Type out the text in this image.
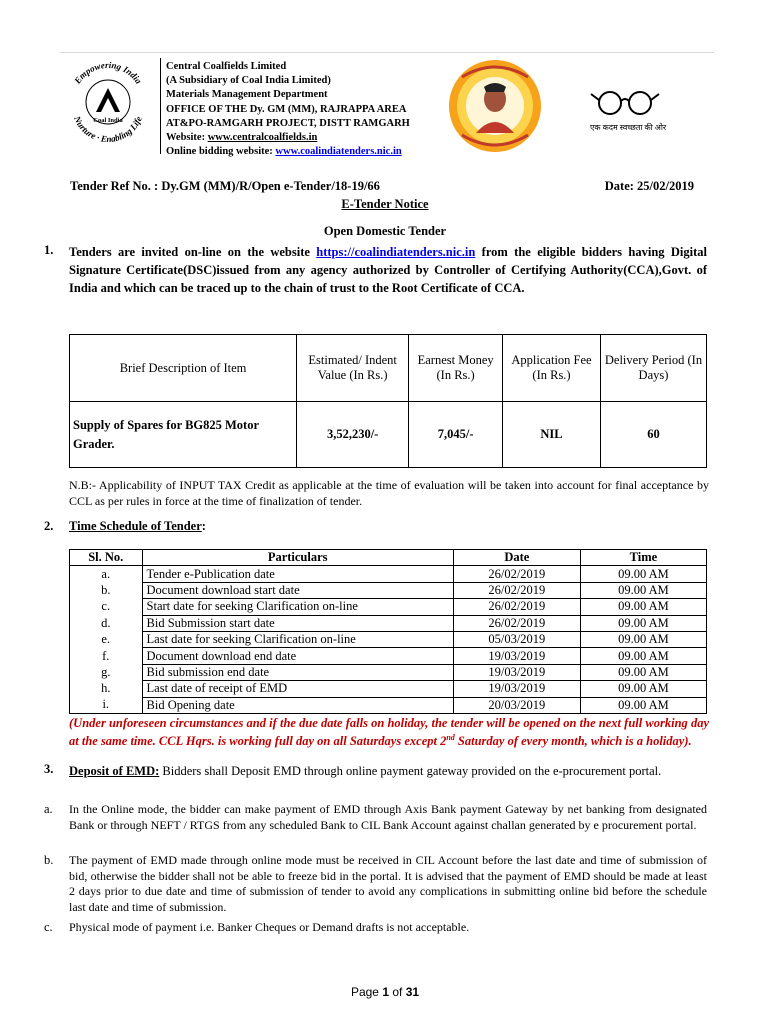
Empowering India
Nurture · Enabling Life
Coal India
Central Coalfields Limited
(A Subsidiary of Coal India Limited)
Materials Management Department
OFFICE OF THE Dy. GM (MM), RAJRAPPA AREA
AT&PO-RAMGARH PROJECT, DISTT RAMGARH
Website: www.centralcoalfields.in
Online bidding website: www.coalindiatenders.nic.in
एक कदम स्वच्छता की ओर
Tender Ref No. : Dy.GM (MM)/R/Open e-Tender/18-19/66	Date: 25/02/2019
E-Tender Notice
Open Domestic Tender
1. Tenders are invited on-line on the website https://coalindiatenders.nic.in from the eligible bidders having Digital Signature Certificate(DSC)issued from any agency authorized by Controller of Certifying Authority(CCA),Govt. of India and which can be traced up to the chain of trust to the Root Certificate of CCA.
Brief Description of Item	Estimated/ Indent Value (In Rs.)	Earnest Money (In Rs.)	Application Fee (In Rs.)	Delivery Period (In Days)
Supply of Spares for BG825 Motor Grader.	3,52,230/-	7,045/-	NIL	60
N.B:- Applicability of INPUT TAX Credit as applicable at the time of evaluation will be taken into account for final acceptance by CCL as per rules in force at the time of finalization of tender.
2. Time Schedule of Tender:
Sl. No.	Particulars	Date	Time
a.	Tender e-Publication date	26/02/2019	09.00 AM
b.	Document download start date	26/02/2019	09.00 AM
c.	Start date for seeking Clarification on-line	26/02/2019	09.00 AM
d.	Bid Submission start date	26/02/2019	09.00 AM
e.	Last date for seeking Clarification on-line	05/03/2019	09.00 AM
f.	Document download end date	19/03/2019	09.00 AM
g.	Bid submission end date	19/03/2019	09.00 AM
h.	Last date of receipt of EMD	19/03/2019	09.00 AM
i.	Bid Opening date	20/03/2019	09.00 AM
(Under unforeseen circumstances and if the due date falls on holiday, the tender will be opened on the next full working day at the same time. CCL Hqrs. is working full day on all Saturdays except 2nd Saturday of every month, which is a holiday).
3. Deposit of EMD: Bidders shall Deposit EMD through online payment gateway provided on the e-procurement portal.
a. In the Online mode, the bidder can make payment of EMD through Axis Bank payment Gateway by net banking from designated Bank or through NEFT / RTGS from any scheduled Bank to CIL Bank Account against challan generated by e procurement portal.
b. The payment of EMD made through online mode must be received in CIL Account before the last date and time of submission of bid, otherwise the bidder shall not be able to freeze bid in the portal. It is advised that the payment of EMD should be made at least 2 days prior to due date and time of submission of tender to avoid any complications in submitting online bid before the schedule last date and time of submission.
c. Physical mode of payment i.e. Banker Cheques or Demand drafts is not acceptable.
Page 1 of 31
